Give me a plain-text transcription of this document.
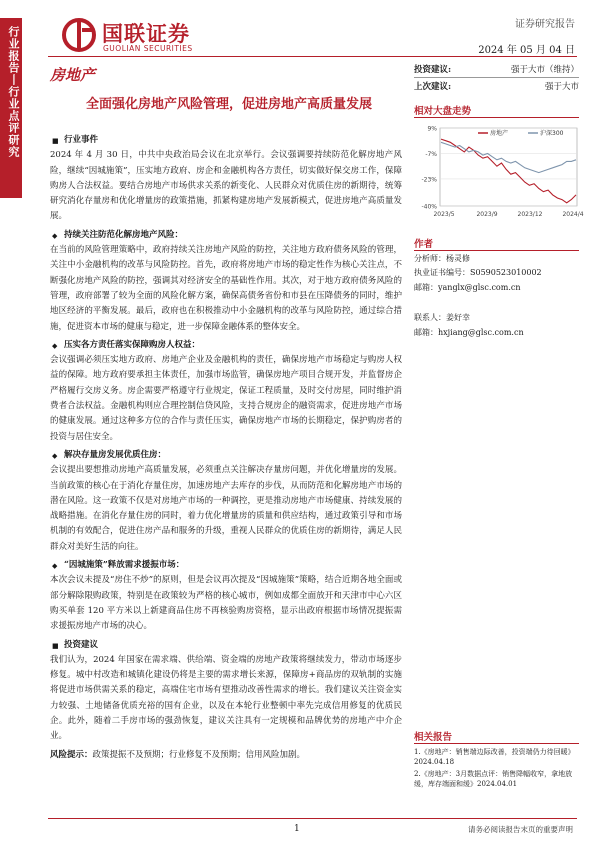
行业报告丨行业点评研究	国联证券
GUOLIAN SECURITIES
证券研究报告
2024 年 05 月 04 日
房地产
全面强化房地产风险管理，促进房地产高质量发展
■ 行业事件

2024 年 4 月 30 日，中共中央政治局会议在北京举行。会议强调要持续防范化解房地产风险，继续“因城施策”，压实地方政府、房企和金融机构各方责任，切实做好保交房工作，保障购房人合法权益。要结合房地产市场供求关系的新变化、人民群众对优质住房的新期待，统筹研究消化存量房和优化增量房的政策措施，抓紧构建房地产发展新模式，促进房地产高质量发展。

◆ 持续关注防范化解房地产风险：

在当前的风险管理策略中，政府持续关注房地产风险的防控，关注地方政府债务风险的管理，关注中小金融机构的改革与风险防控。首先，政府将房地产市场的稳定性作为核心关注点，不断强化房地产风险的防控，强调其对经济安全的基础性作用。其次，对于地方政府债务风险的管理，政府部署了较为全面的风险化解方案，确保高债务省份和市县在压降债务的同时，维护地区经济的平衡发展。最后，政府也在积极推动中小金融机构的改革与风险防控，通过综合措施，促进资本市场的健康与稳定，进一步保障金融体系的整体安全。

◆ 压实各方责任落实保障购房人权益：

会议强调必须压实地方政府、房地产企业及金融机构的责任，确保房地产市场稳定与购房人权益的保障。地方政府要承担主体责任，加强市场监管，确保房地产项目合规开发，并监督房企严格履行交房义务。房企需要严格遵守行业规定，保证工程质量，及时交付房屋，同时维护消费者合法权益。金融机构则应合理控制信贷风险，支持合规房企的融资需求，促进房地产市场的健康发展。通过这种多方位的合作与责任压实，确保房地产市场的长期稳定，保护购房者的投资与居住安全。

◆ 解决存量房发展优质住房：

会议提出要想推动房地产高质量发展，必须重点关注解决存量房问题，并优化增量房的发展。当前政策的核心在于消化存量住房，加速房地产去库存的步伐，从而防范和化解房地产市场的潜在风险。这一政策不仅是对房地产市场的一种调控，更是推动房地产市场健康、持续发展的战略措施。在消化存量住房的同时，着力优化增量房的质量和供应结构，通过政策引导和市场机制的有效配合，促进住房产品和服务的升级，重视人民群众的优质住房的新期待，满足人民群众对美好生活的向往。

◆ “因城施策”释放需求援振市场：

本次会议未提及“房住不炒”的原则，但是会议再次提及“因城施策”策略，结合近期各地全面或部分解除限购政策，特别是在政策较为严格的核心城市，例如成都全面放开和天津市中心六区购买单套 120 平方米以上新建商品住房不再核验购房资格，显示出政府根据市场情况提振需求援振房地产市场的决心。

■ 投资建议

我们认为，2024 年国家在需求端、供给端、资金端的房地产政策将继续发力，带动市场逐步修复。城中村改造和城镇化建设仍将是主要的需求增长来源，保障房+商品房的双轨制的实施将促进市场供需关系的稳定，高端住宅市场有望推动改善性需求的增长。我们建议关注资金实力较强、土地储备优质充裕的国有企业，以及在本轮行业整顿中率先完成信用修复的优质民企。此外，随着二手房市场的强劲恢复，建议关注具有一定规模和品牌优势的房地产中介企业。

风险提示：政策提振不及预期；行业修复不及预期；信用风险加剧。

投资建议:	强于大市（维持）
上次建议:	强于大市
相对大盘走势
9%
-7%
-23%
-40%
2023/5	2023/9	2023/12	2024/4
房地产	沪深300
作者
分析师：杨灵修
执业证书编号：S0590523010002
邮箱：yanglx@glsc.com.cn
联系人：姜好幸
邮箱：hxjiang@glsc.com.cn
相关报告
1.《房地产：销售端边际改善，投资端仍力待回暖》2024.04.18
2.《房地产：3月数据点评：销售降幅收窄，拿地放缓，库存端面和缓》2024.04.01
1	请务必阅读报告末页的重要声明
